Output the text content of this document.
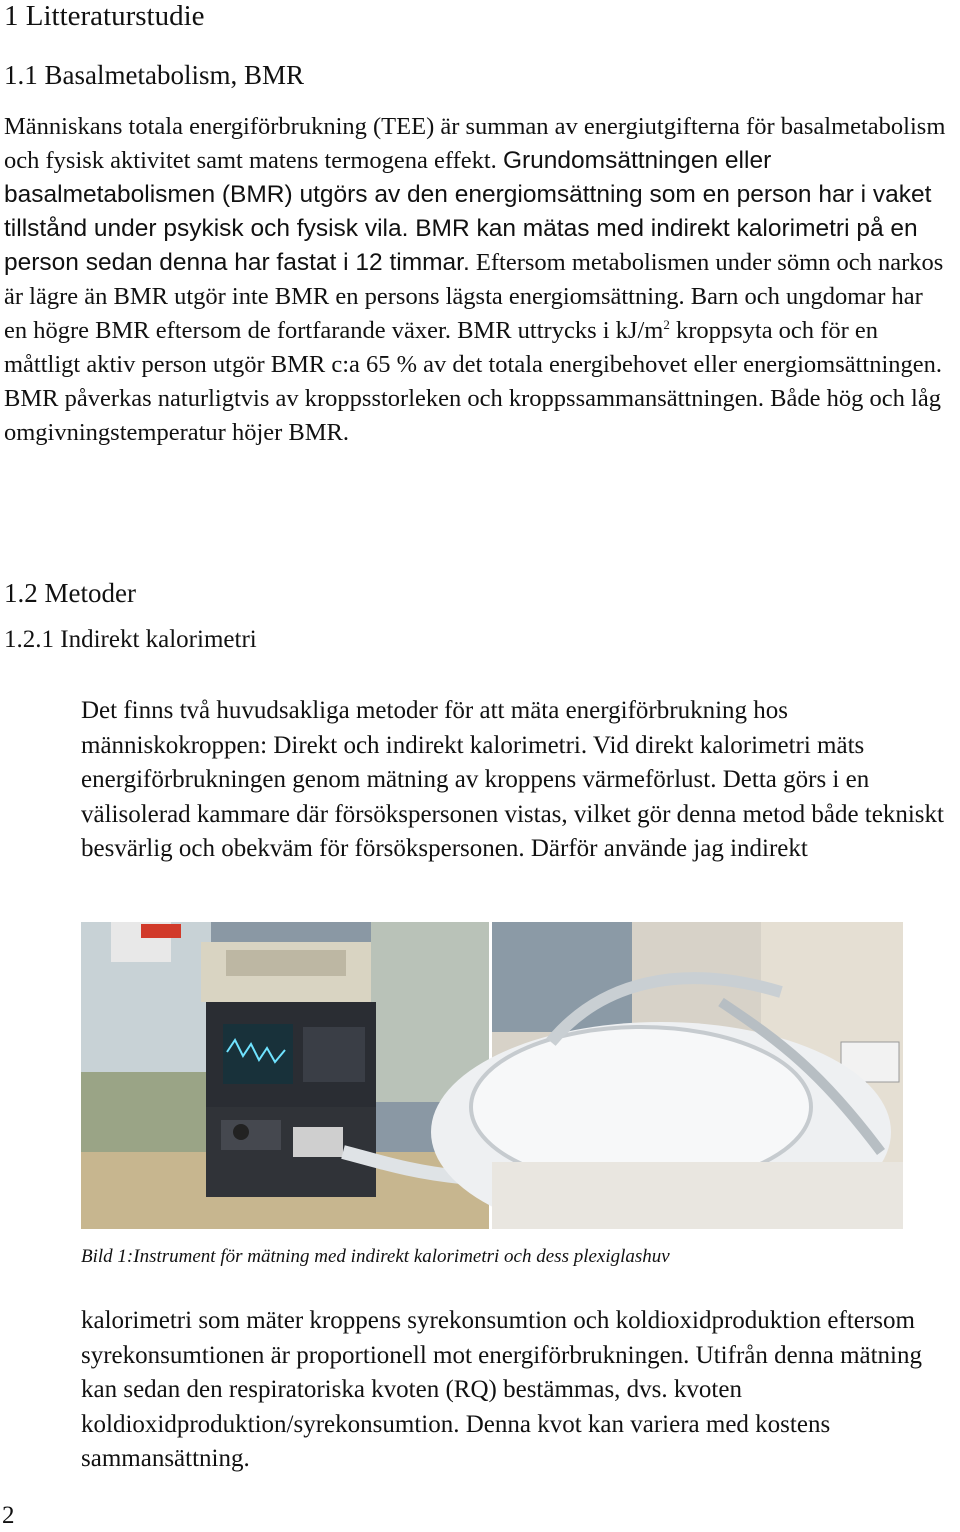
1 Litteraturstudie
1.1 Basalmetabolism, BMR

Människans totala energiförbrukning (TEE) är summan av energiutgifterna för basalmetabolism och fysisk aktivitet samt matens termogena effekt. Grundomsättningen eller basalmetabolismen (BMR) utgörs av den energiomsättning som en person har i vaket tillstånd under psykisk och fysisk vila. BMR kan mätas med indirekt kalorimetri på en person sedan denna har fastat i 12 timmar. Eftersom metabolismen under sömn och narkos är lägre än BMR utgör inte BMR en persons lägsta energiomsättning. Barn och ungdomar har en högre BMR eftersom de fortfarande växer. BMR uttrycks i $kJ/m^2$ kroppsyta och för en måttligt aktiv person utgör BMR c:a 65 % av det totala energibehovet eller energiomsättningen. BMR påverkas naturligtvis av kroppsstorleken och kroppssammansättningen. Både hög och låg omgivningstemperatur höjer BMR.

1.2 Metoder
1.2.1 Indirekt kalorimetri

Det finns två huvudsakliga metoder för att mäta energiförbrukning hos människokroppen: Direkt och indirekt kalorimetri. Vid direkt kalorimetri mäts energiförbrukningen genom mätning av kroppens värmeförlust. Detta görs i en välisolerad kammare där försökspersonen vistas, vilket gör denna metod både tekniskt besvärlig och obekväm för försökspersonen. Därför använde jag indirekt

Bild 1:Instrument för mätning med indirekt kalorimetri och dess plexiglashuv

kalorimetri som mäter kroppens syrekonsumtion och koldioxidproduktion eftersom syrekonsumtionen är proportionell mot energiförbrukningen. Utifrån denna mätning kan sedan den respiratoriska kvoten (RQ) bestämmas, dvs. kvoten koldioxidproduktion/syrekonsumtion. Denna kvot kan variera med kostens sammansättning.

2
